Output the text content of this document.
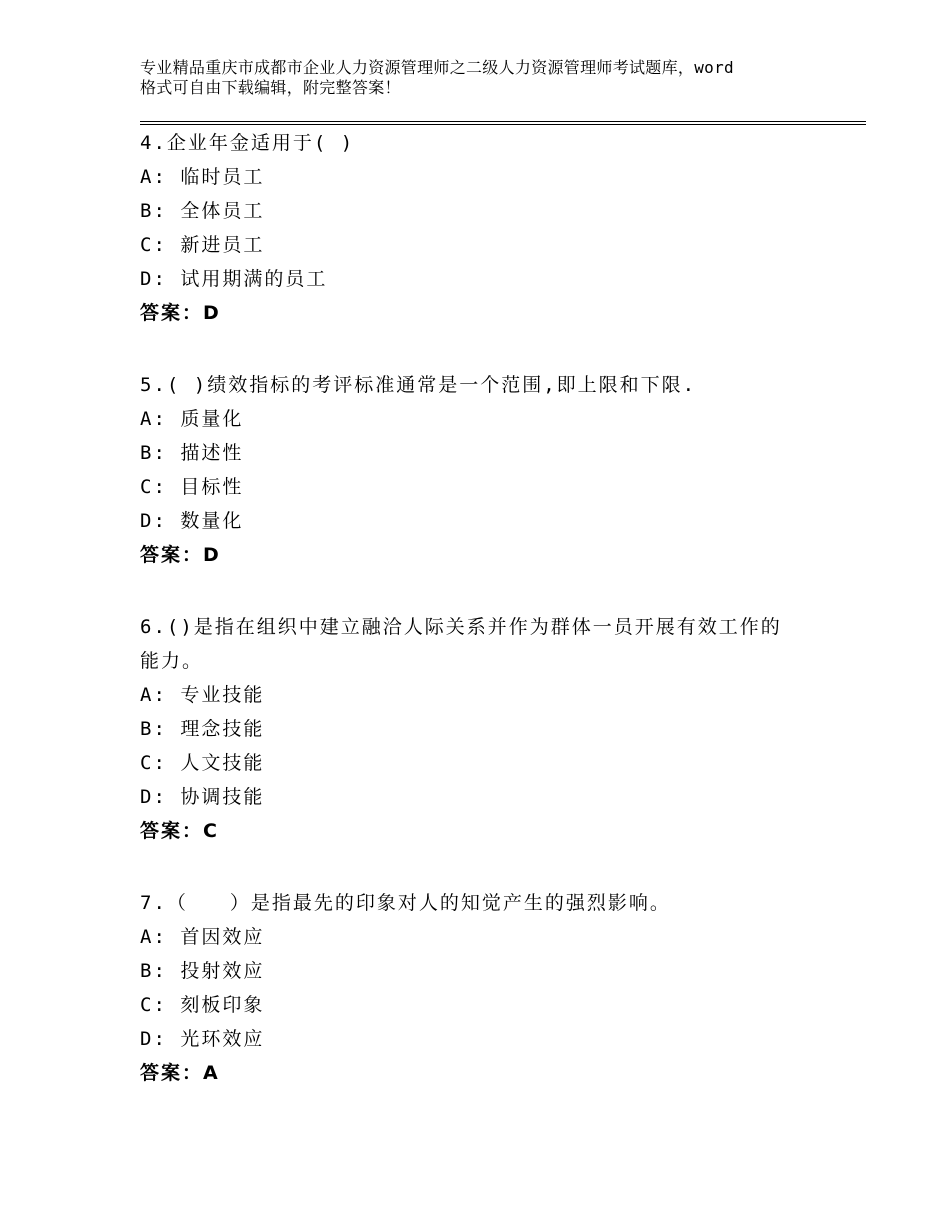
专业精品重庆市成都市企业人力资源管理师之二级人力资源管理师考试题库，word
格式可自由下载编辑，附完整答案！
4.企业年金适用于( )
A: 临时员工
B: 全体员工
C: 新进员工
D: 试用期满的员工
答案：D
5.( )绩效指标的考评标准通常是一个范围,即上限和下限.
A: 质量化
B: 描述性
C: 目标性
D: 数量化
答案：D
6.()是指在组织中建立融洽人际关系并作为群体一员开展有效工作的
能力。
A: 专业技能
B: 理念技能
C: 人文技能
D: 协调技能
答案：C
7.（　　）是指最先的印象对人的知觉产生的强烈影响。
A: 首因效应
B: 投射效应
C: 刻板印象
D: 光环效应
答案：A
